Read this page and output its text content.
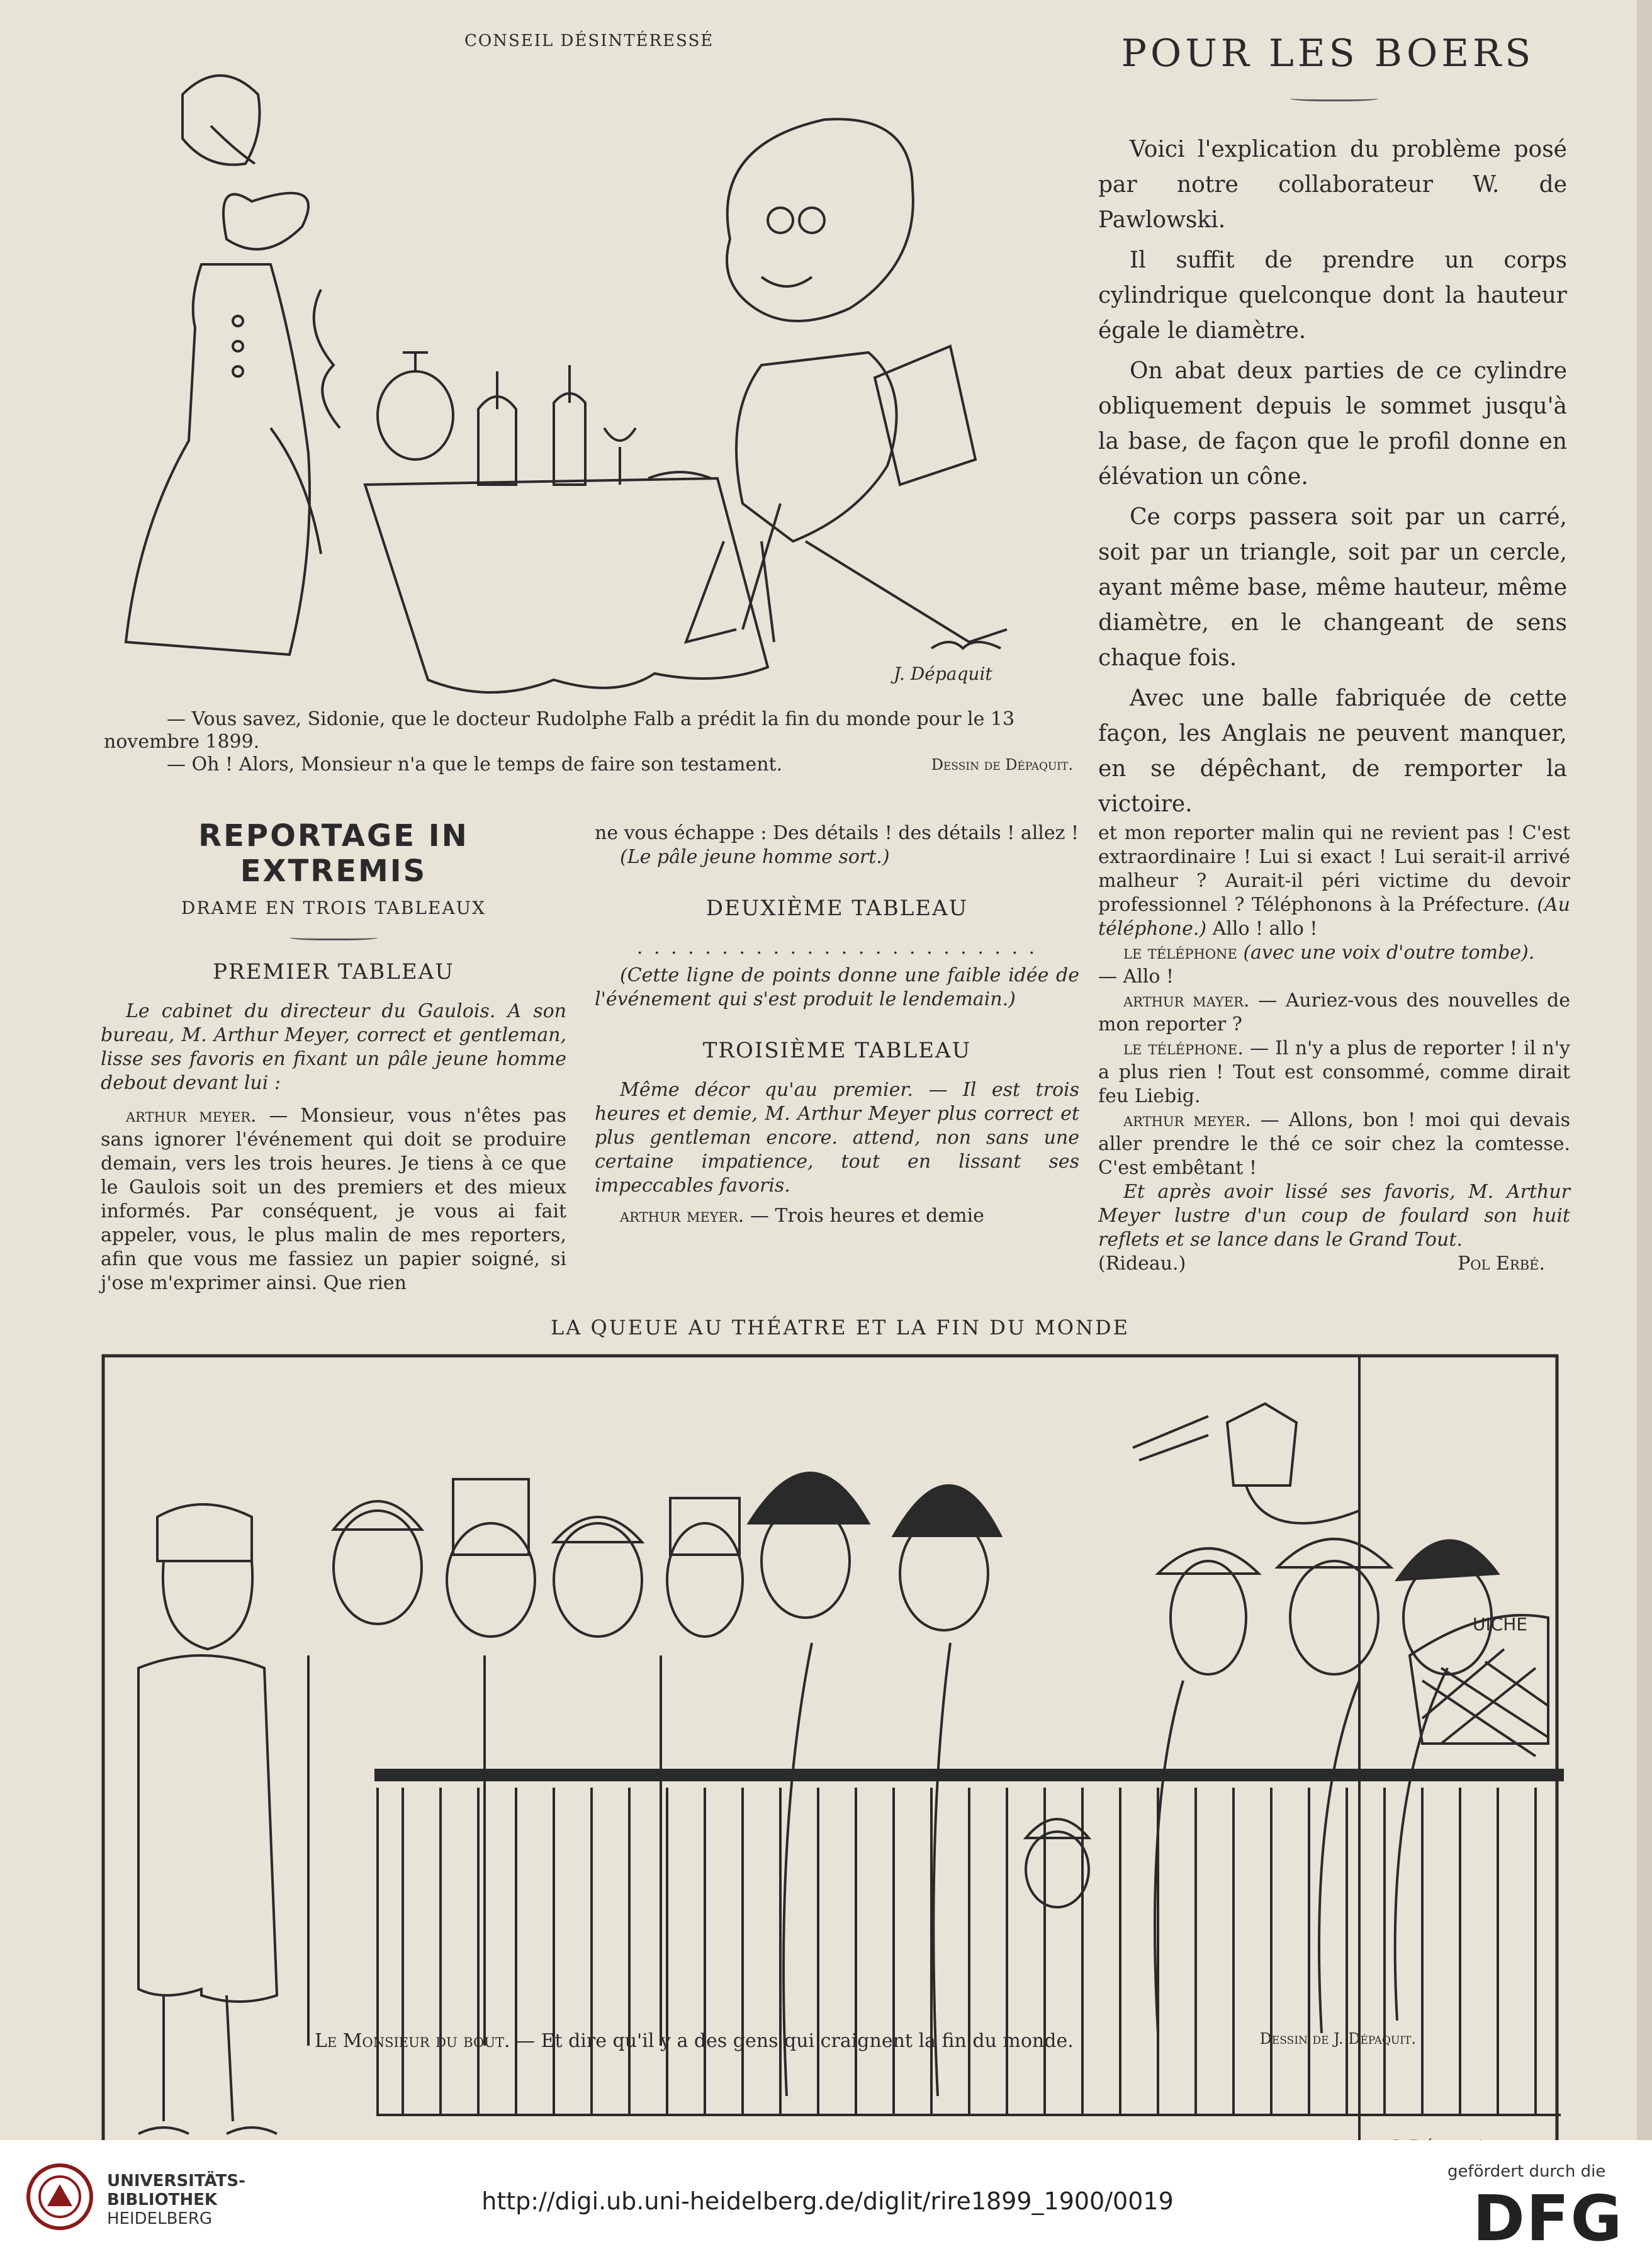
CONSEIL DÉSINTÉRESSÉ
J. Dépaquit
— Vous savez, Sidonie, que le docteur Rudolphe Falb a prédit la fin du monde pour le 13 novembre 1899.
— Oh ! Alors, Monsieur n'a que le temps de faire son testament.	Dessin de Dépaquit.
POUR LES BOERS

Voici l'explication du problème posé par notre collaborateur W. de Pawlowski.

Il suffit de prendre un corps cylindrique quelconque dont la hauteur égale le diamètre.

On abat deux parties de ce cylindre obliquement depuis le sommet jusqu'à la base, de façon que le profil donne en élévation un cône.

Ce corps passera soit par un carré, soit par un triangle, soit par un cercle, ayant même base, même hauteur, même diamètre, en le changeant de sens chaque fois.

Avec une balle fabriquée de cette façon, les Anglais ne peuvent manquer, en se dépêchant, de remporter la victoire.

REPORTAGE IN EXTREMIS
DRAME EN TROIS TABLEAUX
PREMIER TABLEAU

Le cabinet du directeur du Gaulois. A son bureau, M. Arthur Meyer, correct et gentleman, lisse ses favoris en fixant un pâle jeune homme debout devant lui :

arthur meyer. — Monsieur, vous n'êtes pas sans ignorer l'événement qui doit se produire demain, vers les trois heures. Je tiens à ce que le Gaulois soit un des premiers et des mieux informés. Par conséquent, je vous ai fait appeler, vous, le plus malin de mes reporters, afin que vous me fassiez un papier soigné, si j'ose m'exprimer ainsi. Que rien

ne vous échappe : Des détails ! des détails ! allez !

(Le pâle jeune homme sort.)

DEUXIÈME TABLEAU
. . . . . . . . . . . . . . . . . . . . . . . .

(Cette ligne de points donne une faible idée de l'événement qui s'est produit le lendemain.)

TROISIÈME TABLEAU

Même décor qu'au premier. — Il est trois heures et demie, M. Arthur Meyer plus correct et plus gentleman encore. attend, non sans une certaine impatience, tout en lissant ses impeccables favoris.

arthur meyer. — Trois heures et demie

et mon reporter malin qui ne revient pas ! C'est extraordinaire ! Lui si exact ! Lui serait-il arrivé malheur ? Aurait-il péri victime du devoir professionnel ? Téléphonons à la Préfecture. (Au téléphone.) Allo ! allo !

le téléphone (avec une voix d'outre tombe).

— Allo !

arthur mayer. — Auriez-vous des nouvelles de mon reporter ?

le téléphone. — Il n'y a plus de reporter ! il n'y a plus rien ! Tout est consommé, comme dirait feu Liebig.

arthur meyer. — Allons, bon ! moi qui devais aller prendre le thé ce soir chez la comtesse. C'est embêtant !

Et après avoir lissé ses favoris, M. Arthur Meyer lustre d'un coup de foulard son huit reflets et se lance dans le Grand Tout.

(Rideau.)	Pol Erbé.

LA QUEUE AU THÉATRE ET LA FIN DU MONDE
UICHE
Le Monsieur du bout. — Et dire qu'il y a des gens qui craignent la fin du monde.	Dessin de J. Dépaquit.
UNIVERSITÄTS-
BIBLIOTHEK
HEIDELBERG
http://digi.ub.uni-heidelberg.de/diglit/rire1899_1900/0019
gefördert durch die
DFG
